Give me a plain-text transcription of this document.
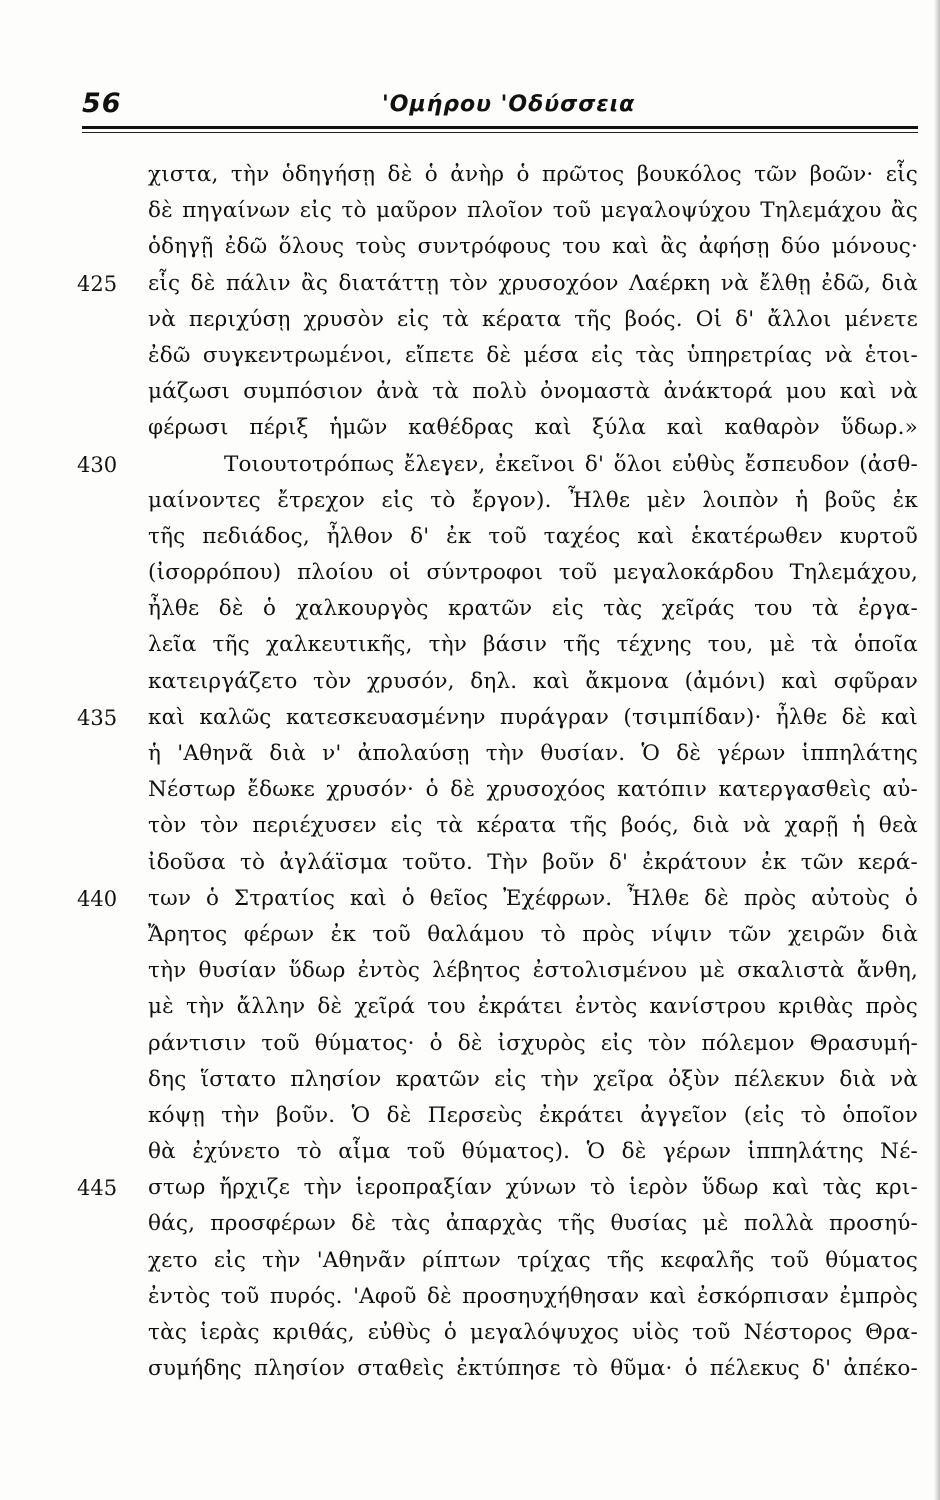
56	'Ομήρου 'Οδύσσεια
χιστα, τὴν ὁδηγήσῃ δὲ ὁ ἀνὴρ ὁ πρῶτος βουκόλος τῶν βοῶν· εἷς
δὲ πηγαίνων εἰς τὸ μαῦρον πλοῖον τοῦ μεγαλοψύχου Τηλεμάχου ἂς
ὁδηγῇ ἐδῶ ὅλους τοὺς συντρόφους του καὶ ἂς ἀφήσῃ δύο μόνους·
425	εἷς δὲ πάλιν ἂς διατάττῃ τὸν χρυσοχόον Λαέρκη νὰ ἔλθῃ ἐδῶ, διὰ
νὰ περιχύσῃ χρυσὸν εἰς τὰ κέρατα τῆς βοός. Οἱ δ' ἄλλοι μένετε
ἐδῶ συγκεντρωμένοι, εἴπετε δὲ μέσα εἰς τὰς ὑπηρετρίας νὰ ἑτοι-
μάζωσι συμπόσιον ἀνὰ τὰ πολὺ ὀνομαστὰ ἀνάκτορά μου καὶ νὰ
φέρωσι πέριξ ἡμῶν καθέδρας καὶ ξύλα καὶ καθαρὸν ὕδωρ.»
430	Τοιουτοτρόπως ἔλεγεν, ἐκεῖνοι δ' ὅλοι εὐθὺς ἔσπευδον (ἀσθ-
μαίνοντες ἔτρεχον εἰς τὸ ἔργον). Ἦλθε μὲν λοιπὸν ἡ βοῦς ἐκ
τῆς πεδιάδος, ἦλθον δ' ἐκ τοῦ ταχέος καὶ ἑκατέρωθεν κυρτοῦ
(ἰσορρόπου) πλοίου οἱ σύντροφοι τοῦ μεγαλοκάρδου Τηλεμάχου,
ἦλθε δὲ ὁ χαλκουργὸς κρατῶν εἰς τὰς χεῖράς του τὰ ἐργα-
λεῖα τῆς χαλκευτικῆς, τὴν βάσιν τῆς τέχνης του, μὲ τὰ ὁποῖα
κατειργάζετο τὸν χρυσόν, δηλ. καὶ ἄκμονα (ἀμόνι) καὶ σφῦραν
435	καὶ καλῶς κατεσκευασμένην πυράγραν (τσιμπίδαν)· ἦλθε δὲ καὶ
ἡ 'Αθηνᾶ διὰ ν' ἀπολαύσῃ τὴν θυσίαν. Ὁ δὲ γέρων ἱππηλάτης
Νέστωρ ἔδωκε χρυσόν· ὁ δὲ χρυσοχόος κατόπιν κατεργασθεὶς αὐ-
τὸν τὸν περιέχυσεν εἰς τὰ κέρατα τῆς βοός, διὰ νὰ χαρῇ ἡ θεὰ
ἰδοῦσα τὸ ἀγλάϊσμα τοῦτο. Τὴν βοῦν δ' ἐκράτουν ἐκ τῶν κερά-
440	των ὁ Στρατίος καὶ ὁ θεῖος Ἐχέφρων. Ἦλθε δὲ πρὸς αὐτοὺς ὁ
Ἄρητος φέρων ἐκ τοῦ θαλάμου τὸ πρὸς νίψιν τῶν χειρῶν διὰ
τὴν θυσίαν ὕδωρ ἐντὸς λέβητος ἐστολισμένου μὲ σκαλιστὰ ἄνθη,
μὲ τὴν ἄλλην δὲ χεῖρά του ἐκράτει ἐντὸς κανίστρου κριθὰς πρὸς
ράντισιν τοῦ θύματος· ὁ δὲ ἰσχυρὸς εἰς τὸν πόλεμον Θρασυμή-
δης ἵστατο πλησίον κρατῶν εἰς τὴν χεῖρα ὀξὺν πέλεκυν διὰ νὰ
κόψῃ τὴν βοῦν. Ὁ δὲ Περσεὺς ἐκράτει ἀγγεῖον (εἰς τὸ ὁποῖον
θὰ ἐχύνετο τὸ αἷμα τοῦ θύματος). Ὁ δὲ γέρων ἱππηλάτης Νέ-
445	στωρ ἤρχιζε τὴν ἱεροπραξίαν χύνων τὸ ἱερὸν ὕδωρ καὶ τὰς κρι-
θάς, προσφέρων δὲ τὰς ἀπαρχὰς τῆς θυσίας μὲ πολλὰ προσηύ-
χετο εἰς τὴν 'Αθηνᾶν ρίπτων τρίχας τῆς κεφαλῆς τοῦ θύματος
ἐντὸς τοῦ πυρός. 'Αφοῦ δὲ προσηυχήθησαν καὶ ἐσκόρπισαν ἐμπρὸς
τὰς ἱερὰς κριθάς, εὐθὺς ὁ μεγαλόψυχος υἱὸς τοῦ Νέστορος Θρα-
συμήδης πλησίον σταθεὶς ἐκτύπησε τὸ θῦμα· ὁ πέλεκυς δ' ἀπέκο-
